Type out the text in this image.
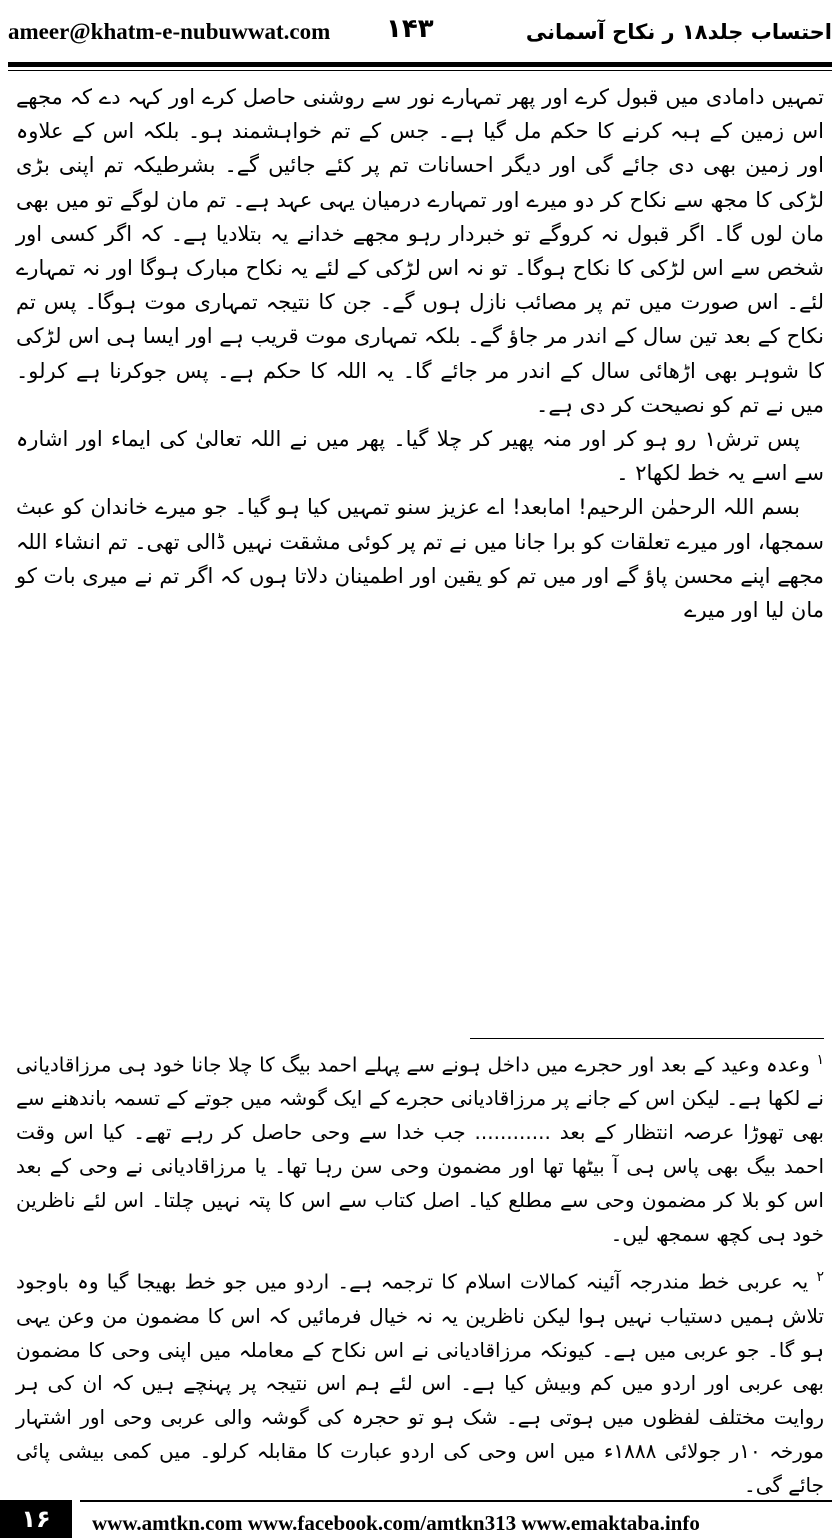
ameer@khatm-e-nubuwwat.com ۱۴۳	احتساب جلد۱۸ ر نکاح آسمانی

تمہیں دامادی میں قبول کرے اور پھر تمہارے نور سے روشنی حاصل کرے اور کہہ دے کہ مجھے اس زمین کے ہبہ کرنے کا حکم مل گیا ہے۔ جس کے تم خواہشمند ہو۔ بلکہ اس کے علاوہ اور زمین بھی دی جائے گی اور دیگر احسانات تم پر کئے جائیں گے۔ بشرطیکہ تم اپنی بڑی لڑکی کا مجھ سے نکاح کر دو میرے اور تمہارے درمیان یہی عہد ہے۔ تم مان لوگے تو میں بھی مان لوں گا۔ اگر قبول نہ کروگے تو خبردار رہو مجھے خدانے یہ بتلادیا ہے۔ کہ اگر کسی اور شخص سے اس لڑکی کا نکاح ہوگا۔ تو نہ اس لڑکی کے لئے یہ نکاح مبارک ہوگا اور نہ تمہارے لئے۔ اس صورت میں تم پر مصائب نازل ہوں گے۔ جن کا نتیجہ تمہاری موت ہوگا۔ پس تم نکاح کے بعد تین سال کے اندر مر جاؤ گے۔ بلکہ تمہاری موت قریب ہے اور ایسا ہی اس لڑکی کا شوہر بھی اڑھائی سال کے اندر مر جائے گا۔ یہ اللہ کا حکم ہے۔ پس جوکرنا ہے کرلو۔ میں نے تم کو نصیحت کر دی ہے۔

پس ترش۱ رو ہو کر اور منہ پھیر کر چلا گیا۔ پھر میں نے اللہ تعالیٰ کی ایماء اور اشارہ سے اسے یہ خط لکھا۲ ۔

بسم اللہ الرحمٰن الرحیم! امابعد! اے عزیز سنو تمہیں کیا ہو گیا۔ جو میرے خاندان کو عبث سمجھا، اور میرے تعلقات کو برا جانا میں نے تم پر کوئی مشقت نہیں ڈالی تھی۔ تم انشاء اللہ مجھے اپنے محسن پاؤ گے اور میں تم کو یقین اور اطمینان دلاتا ہوں کہ اگر تم نے میری بات کو مان لیا اور میرے

$^۱$ وعدہ وعید کے بعد اور حجرے میں داخل ہونے سے پہلے احمد بیگ کا چلا جانا خود ہی مرزاقادیانی نے لکھا ہے۔ لیکن اس کے جانے پر مرزاقادیانی حجرے کے ایک گوشہ میں جوتے کے تسمہ باندھنے سے بھی تھوڑا عرصہ انتظار کے بعد ............ جب خدا سے وحی حاصل کر رہے تھے۔ کیا اس وقت احمد بیگ بھی پاس ہی آ بیٹھا تھا اور مضمون وحی سن رہا تھا۔ یا مرزاقادیانی نے وحی کے بعد اس کو بلا کر مضمون وحی سے مطلع کیا۔ اصل کتاب سے اس کا پتہ نہیں چلتا۔ اس لئے ناظرین خود ہی کچھ سمجھ لیں۔

$^۲$ یہ عربی خط مندرجہ آئینہ کمالات اسلام کا ترجمہ ہے۔ اردو میں جو خط بھیجا گیا وہ باوجود تلاش ہمیں دستیاب نہیں ہوا لیکن ناظرین یہ نہ خیال فرمائیں کہ اس کا مضمون من وعن یہی ہو گا۔ جو عربی میں ہے۔ کیونکہ مرزاقادیانی نے اس نکاح کے معاملہ میں اپنی وحی کا مضمون بھی عربی اور اردو میں کم وبیش کیا ہے۔ اس لئے ہم اس نتیجہ پر پہنچے ہیں کہ ان کی ہر روایت مختلف لفظوں میں ہوتی ہے۔ شک ہو تو حجرہ کی گوشہ والی عربی وحی اور اشتہار مورخہ ۱۰ر جولائی ۱۸۸۸ء میں اس وحی کی اردو عبارت کا مقابلہ کرلو۔ میں کمی بیشی پائی جائے گی۔

۱۶	www.amtkn.com www.facebook.com/amtkn313 www.emaktaba.info
